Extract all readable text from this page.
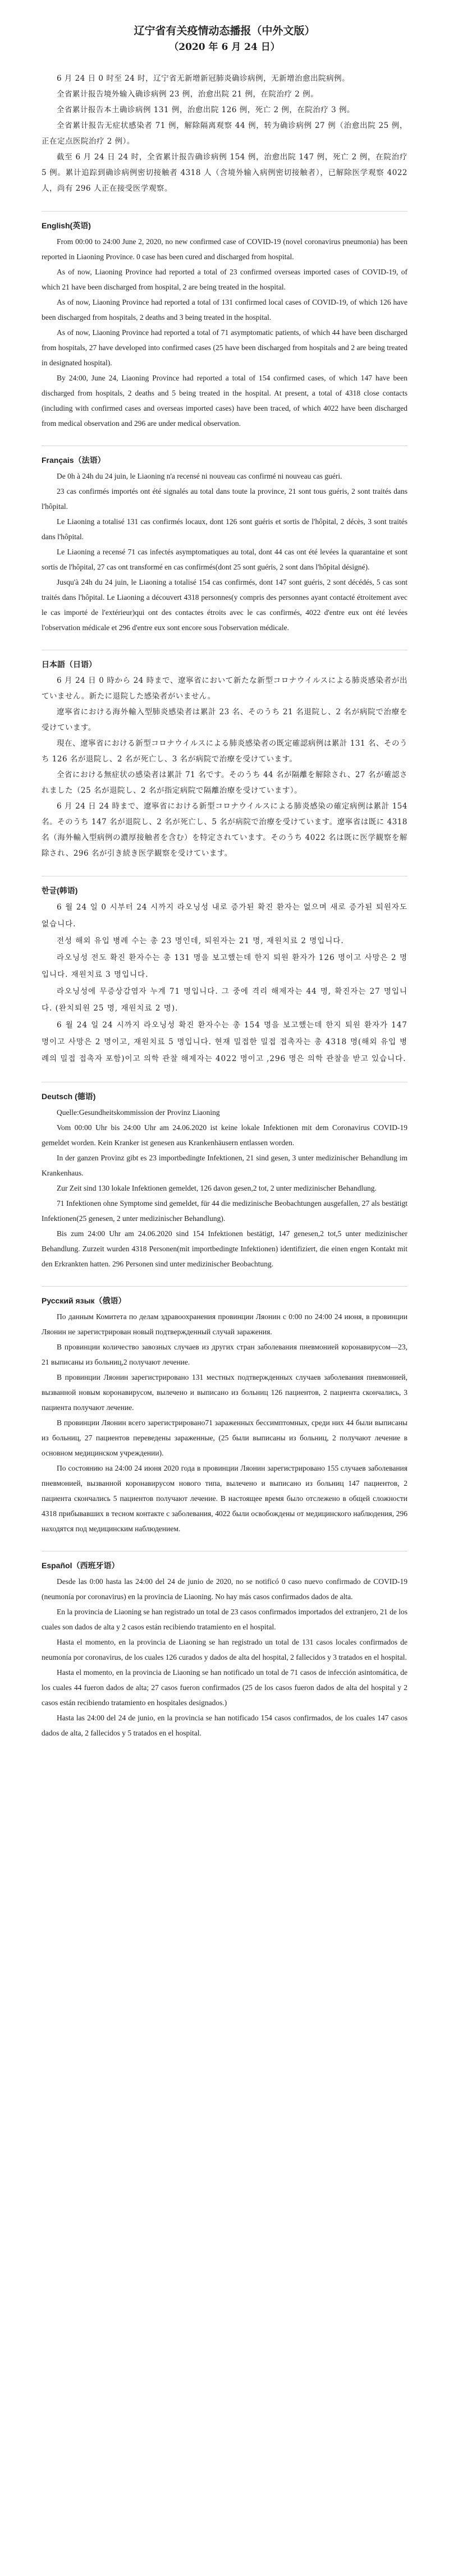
辽宁省有关疫情动态播报（中外文版）
（2020 年 6 月 24 日）

6 月 24 日 0 时至 24 时，辽宁省无新增新冠肺炎确诊病例，无新增治愈出院病例。

全省累计报告境外输入确诊病例 23 例，治愈出院 21 例，在院治疗 2 例。

全省累计报告本土确诊病例 131 例，治愈出院 126 例，死亡 2 例，在院治疗 3 例。

全省累计报告无症状感染者 71 例，解除隔离观察 44 例，转为确诊病例 27 例（治愈出院 25 例，正在定点医院治疗 2 例）。

截至 6 月 24 日 24 时，全省累计报告确诊病例 154 例，治愈出院 147 例，死亡 2 例，在院治疗 5 例。累计追踪到确诊病例密切接触者 4318 人（含境外输入病例密切接触者），已解除医学观察 4022 人，尚有 296 人正在接受医学观察。

English(英语)

From 00:00 to 24:00 June 2, 2020, no new confirmed case of COVID-19 (novel coronavirus pneumonia) has been reported in Liaoning Province. 0 case has been cured and discharged from hospital.

As of now, Liaoning Province had reported a total of 23 confirmed overseas imported cases of COVID-19, of which 21 have been discharged from hospital, 2 are being treated in the hospital.

As of now, Liaoning Province had reported a total of 131 confirmed local cases of COVID-19, of which 126 have been discharged from hospitals, 2 deaths and 3 being treated in the hospital.

As of now, Liaoning Province had reported a total of 71 asymptomatic patients, of which 44 have been discharged from hospitals, 27 have developed into confirmed cases (25 have been discharged from hospitals and 2 are being treated in designated hospital).

By 24:00, June 24, Liaoning Province had reported a total of 154 confirmed cases, of which 147 have been discharged from hospitals, 2 deaths and 5 being treated in the hospital. At present, a total of 4318 close contacts (including with confirmed cases and overseas imported cases) have been traced, of which 4022 have been discharged from medical observation and 296 are under medical observation.

Français（法语）

De 0h à 24h du 24 juin, le Liaoning n'a recensé ni nouveau cas confirmé ni nouveau cas guéri.

23 cas confirmés importés ont été signalés au total dans toute la province, 21 sont tous guéris, 2 sont traités dans l'hôpital.

Le Liaoning a totalisé 131 cas confirmés locaux, dont 126 sont guéris et sortis de l'hôpital, 2 décès, 3 sont traités dans l'hôpital.

Le Liaoning a recensé 71 cas infectés asymptomatiques au total, dont 44 cas ont été levées la quarantaine et sont sortis de l'hôpital, 27 cas ont transformé en cas confirmés(dont 25 sont guéris, 2 sont dans l'hôpital désigné).

Jusqu'à 24h du 24 juin, le Liaoning a totalisé 154 cas confirmés, dont 147 sont guéris, 2 sont décédés, 5 cas sont traités dans l'hôpital. Le Liaoning a découvert 4318 personnes(y compris des personnes ayant contacté étroitement avec le cas importé de l'extérieur)qui ont des contactes étroits avec le cas confirmés, 4022 d'entre eux ont été levées l'observation médicale et 296 d'entre eux sont encore sous l'observation médicale.

日本語（日语）

6 月 24 日 0 時から 24 時まで、遼寧省において新たな新型コロナウイルスによる肺炎感染者が出ていません。新たに退院した感染者がいません。

遼寧省における海外輸入型肺炎感染者は累計 23 名、そのうち 21 名退院し、2 名が病院で治療を受けています。

現在、遼寧省における新型コロナウイルスによる肺炎感染者の既定確認病例は累計 131 名、そのうち 126 名が退院し、2 名が死亡し、3 名が病院で治療を受けています。

全省における無症状の感染者は累計 71 名です。そのうち 44 名が隔離を解除され、27 名が確認されました（25 名が退院し、2 名が指定病院で隔離治療を受けています）。

6 月 24 日 24 時まで、遼寧省における新型コロナウイルスによる肺炎感染の確定病例は累計 154 名。そのうち 147 名が退院し、2 名が死亡し、5 名が病院で治療を受けています。遼寧省は既に 4318 名（海外輸入型病例の濃厚接触者を含む）を特定されています。そのうち 4022 名は既に医学観察を解除され、296 名が引き続き医学観察を受けています。

한글(韩语)

6 월 24 일 0 시부터 24 시까지 라오닝성 내로 증가된 확진 환자는 없으며 새로 증가된 퇴원자도 없습니다.

전성 해외 유입 병례 수는 총 23 명인데, 퇴원자는 21 명, 재원치료 2 명입니다.

라오닝성 전도 확진 환자수는 총 131 명을 보고했는데 한지 퇴원 환자가 126 명이고 사망은 2 명입니다. 재원치료 3 명입니다.

라오닝성에 무증상감염자 누계 71 명입니다. 그 중에 격리 해제자는 44 명, 확진자는 27 명입니다. (완치퇴원 25 명, 재원치료 2 명).

6 월 24 일 24 시까지 라오닝성 확진 환자수는 총 154 명을 보고했는데 한지 퇴원 환자가 147 명이고 사망은 2 명이고, 재원치료 5 명입니다. 현재 밀접한 밀접 접촉자는 총 4318 명(해외 유입 병례의 밀접 접촉자 포함)이고 의학 관찰 해제자는 4022 명이고 ,296 명은 의학 관찰을 받고 있습니다.

Deutsch (德语)

Quelle:Gesundheitskommission der Provinz Liaoning

Vom 00:00 Uhr bis 24:00 Uhr am 24.06.2020 ist keine lokale Infektionen mit dem Coronavirus COVID-19 gemeldet worden. Kein Kranker ist genesen aus Krankenhäusern entlassen worden.

In der ganzen Provinz gibt es 23 importbedingte Infektionen, 21 sind gesen, 3 unter medizinischer Behandlung im Krankenhaus.

Zur Zeit sind 130 lokale Infektionen gemeldet, 126 davon gesen,2 tot, 2 unter medizinischer Behandlung.

71 Infektionen ohne Symptome sind gemeldet, für 44 die medizinische Beobachtungen ausgefallen, 27 als bestätigt Infektionen(25 genesen, 2 unter medizinischer Behandlung).

Bis zum 24:00 Uhr am 24.06.2020 sind 154 Infektionen bestätigt, 147 genesen,2 tot,5 unter medizinischer Behandlung. Zurzeit wurden 4318 Personen(mit importbedingte Infektionen) identifiziert, die einen engen Kontakt mit den Erkrankten hatten. 296 Personen sind unter medizinischer Beobachtung.

Русский язык（俄语）

По данным Комитета по делам здравоохранения провинции Ляонин с 0:00 по 24:00 24 июня, в провинции Ляонин не зарегистрирован новый подтвержденный случай заражения.

В провинции количество завозных случаев из других стран заболевания пневмонией коронавирусом—23, 21 выписаны из больниц,2 получают лечение.

В провинции Ляонин зарегистрировано 131 местных подтвержденных случаев заболевания пневмонией, вызванной новым коронавирусом, вылечено и выписано из больниц 126 пациентов, 2 пациента скончались, 3 пациента получают лечение.

В провинции Ляонин всего зарегистрировано71 зараженных бессимптомных, среди них 44 были выписаны из больниц, 27 пациентов переведены зараженные, (25 были выписаны из больниц, 2 получают лечение в основном медицинском учреждении).

По состоянию на 24:00 24 июня 2020 года в провинции Ляонин зарегистрировано 155 случаев заболевания пневмонией, вызванной коронавирусом нового типа, вылечено и выписано из больниц 147 пациентов, 2 пациента скончались 5 пациентов получают лечение. В настоящее время было отслежено в общей сложности 4318 прибывавших в тесном контакте с заболевания, 4022 были освобождены от медицинского наблюдения, 296 находятся под медицинским наблюдением.

Español（西班牙语）

Desde las 0:00 hasta las 24:00 del 24 de junio de 2020, no se notificó 0 caso nuevo confirmado de COVID-19 (neumonía por coronavirus) en la provincia de Liaoning. No hay más casos confirmados dados de alta.

En la provincia de Liaoning se han registrado un total de 23 casos confirmados importados del extranjero, 21 de los cuales son dados de alta y 2 casos están recibiendo tratamiento en el hospital.

Hasta el momento, en la provincia de Liaoning se han registrado un total de 131 casos locales confirmados de neumonía por coronavirus, de los cuales 126 curados y dados de alta del hospital, 2 fallecidos y 3 tratados en el hospital.

Hasta el momento, en la provincia de Liaoning se han notificado un total de 71 casos de infección asintomática, de los cuales 44 fueron dados de alta; 27 casos fueron confirmados (25 de los casos fueron dados de alta del hospital y 2 casos están recibiendo tratamiento en hospitales designados.)

Hasta las 24:00 del 24 de junio, en la provincia se han notificado 154 casos confirmados, de los cuales 147 casos dados de alta, 2 fallecidos y 5 tratados en el hospital.
